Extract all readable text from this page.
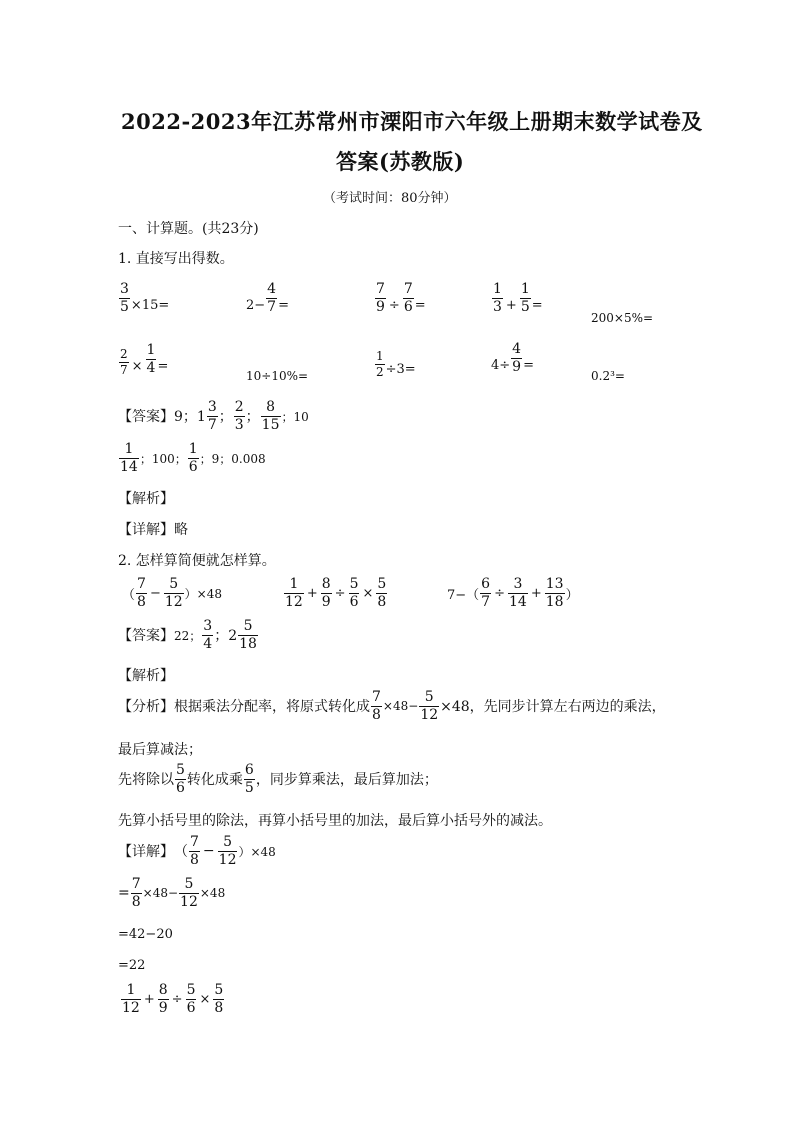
2022-2023年江苏常州市溧阳市六年级上册期末数学试卷及
答案(苏教版)
（考试时间：80分钟）
一、计算题。(共23分)
1. 直接写出得数。
$\frac{3}{5} \times 15=$	$2- \frac{4}{7}$ =	$\frac{7}{9} \div \frac{7}{6}$ =	$\frac{1}{3} + \frac{1}{5}$ =
200×5%=
$\frac{2}{7} \times \frac{1}{4}$ =
10÷10%=	$\frac{1}{2} \div 3=$	$4\div \frac{4}{9}$ =
0.2³=
【答案】 9；$1 \frac{3}{7}$ ； $\frac{2}{3}$ ； $\frac{8}{15}$ ；10
$\frac{1}{14}$ ；100； $\frac{1}{6}$ ；9；0.008
【解析】
【详解】略
2. 怎样算简便就怎样算。
（ $\frac{7}{8} - \frac{5}{12} )\times 48$	$\frac{1}{12} + \frac{8}{9} \div \frac{5}{6} \times \frac{5}{8}$	$7-( \frac{6}{7} \div \frac{3}{14} + \frac{13}{18}$ ）
【答案】 22； $\frac{3}{4}$ ；$2 \frac{5}{18}$
【解析】
【分析】 根据乘法分配率，将原式转化成 $\frac{7}{8} \times 48- \frac{5}{12} \times 48$，先同步计算左右两边的乘法，
最后算减法；
先将除以 $\frac{5}{6}$ 转化成乘 $\frac{6}{5}$ ，同步算乘法，最后算加法；
先算小括号里的除法，再算小括号里的加法，最后算小括号外的减法。
【详解】 （ $\frac{7}{8} - \frac{5}{12} )\times 48$
= $\frac{7}{8} \times 48- \frac{5}{12} \times 48$
=42−20
=22
$\frac{1}{12} + \frac{8}{9} \div \frac{5}{6} \times \frac{5}{8}$
